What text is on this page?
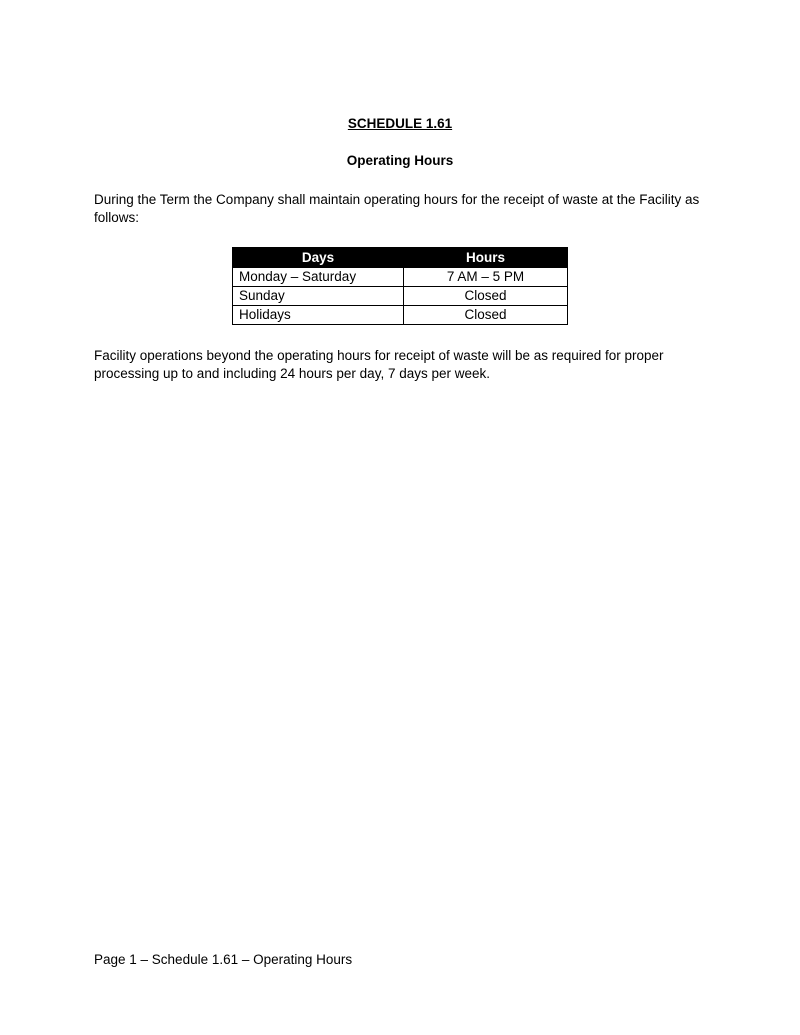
SCHEDULE 1.61
Operating Hours

During the Term the Company shall maintain operating hours for the receipt of waste at the Facility as follows:

Days	Hours
Monday – Saturday	7 AM – 5 PM
Sunday	Closed
Holidays	Closed

Facility operations beyond the operating hours for receipt of waste will be as required for proper processing up to and including 24 hours per day, 7 days per week.

Page 1 – Schedule 1.61 – Operating Hours
